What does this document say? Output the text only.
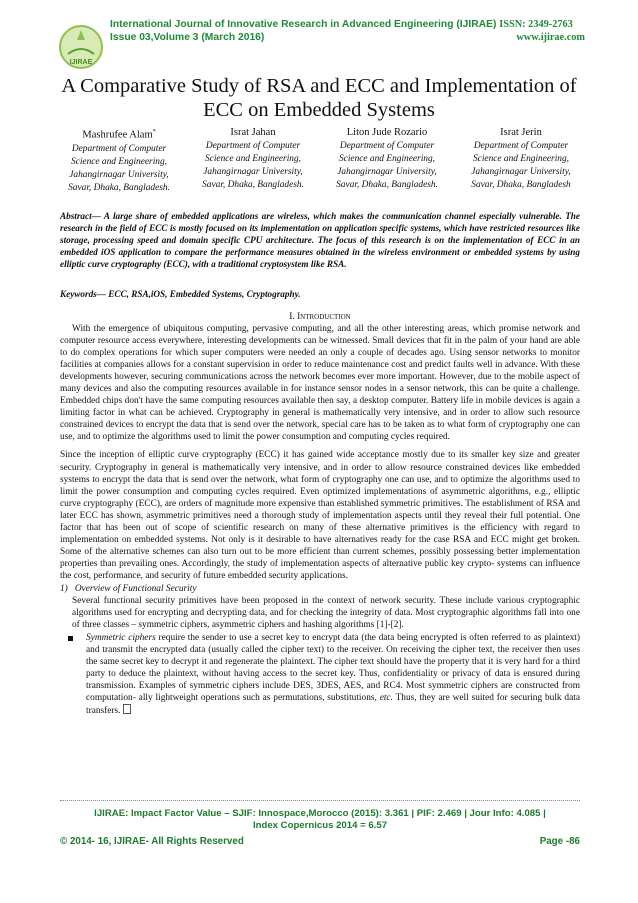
IJIRAE
International Journal of Innovative Research in Advanced Engineering (IJIRAE) ISSN: 2349-2763
Issue 03,Volume 3 (March 2016)	www.ijirae.com
A Comparative Study of RSA and ECC and Implementation of ECC on Embedded Systems
Mashrufee Alam*
Department of Computer
Science and Engineering,
Jahangirnagar University,
Savar, Dhaka, Bangladesh.
Israt Jahan
Department of Computer
Science and Engineering,
Jahangirnagar University,
Savar, Dhaka, Bangladesh.
Liton Jude Rozario
Department of Computer
Science and Engineering,
Jahangirnagar University,
Savar, Dhaka, Bangladesh.
Israt Jerin
Department of Computer
Science and Engineering,
Jahangirnagar University,
Savar, Dhaka, Bangladesh
Abstract— A large share of embedded applications are wireless, which makes the communication channel especially vulnerable. The research in the field of ECC is mostly focused on its implementation on application specific systems, which have restricted resources like storage, processing speed and domain specific CPU architecture. The focus of this research is on the implementation of ECC in an embedded iOS application to compare the performance measures obtained in the wireless environment or embedded systems by using elliptic curve cryptography (ECC), with a traditional cryptosystem like RSA.
Keywords— ECC, RSA,iOS, Embedded Systems, Cryptography.
I. Introduction

With the emergence of ubiquitous computing, pervasive computing, and all the other interesting areas, which promise network and computer resource access everywhere, interesting developments can be witnessed. Small devices that fit in the palm of your hand are able to do complex operations for which super computers were needed an only a couple of decades ago. Using sensor networks to monitor facilities at companies allows for a constant supervision in order to reduce maintenance cost and predict faults well in advance. With these developments however, securing communications across the network becomes ever more important. However, due to the mobile aspect of many devices and also the computing resources available in for instance sensor nodes in a sensor network, this can be quite a challenge. Embedded chips don't have the same computing resources available then say, a desktop computer. Battery life in mobile devices is again a limiting factor in what can be achieved. Cryptography in general is mathematically very intensive, and in order to allow such resource constrained devices to encrypt the data that is send over the network, special care has to be taken as to what form of cryptography one can use, and to optimize the algorithms used to limit the power consumption and computing cycles required.

Since the inception of elliptic curve cryptography (ECC) it has gained wide acceptance mostly due to its smaller key size and greater security. Cryptography in general is mathematically very intensive, and in order to allow resource constrained devices like embedded systems to encrypt the data that is send over the network, what form of cryptography one can use, and to optimize the algorithms used to limit the power consumption and computing cycles required. Even optimized implementations of asymmetric algorithms, e.g., elliptic curve cryptography (ECC), are orders of magnitude more expensive than established symmetric primitives. The establishment of RSA and later ECC has shown, asymmetric primitives need a thorough study of implementation aspects until they reveal their full potential. One factor that has been out of scope of scientific research on many of these alternative primitives is the efficiency with regard to implementation on embedded systems. Not only is it desirable to have alternatives ready for the case RSA and ECC might get broken. Some of the alternative schemes can also turn out to be more efficient than current schemes, possibly possessing better implementation properties than prevailing ones. Accordingly, the study of implementation aspects of alternative public key crypto- systems can influence the cost, performance, and security of future embedded security applications.

1) Overview of Functional Security

Several functional security primitives have been proposed in the context of network security. These include various cryptographic algorithms used for encrypting and decrypting data, and for checking the integrity of data. Most cryptographic algorithms fall into one of three classes – symmetric ciphers, asymmetric ciphers and hashing algorithms [1]-[2].

Symmetric ciphers require the sender to use a secret key to encrypt data (the data being encrypted is often referred to as plaintext) and transmit the encrypted data (usually called the cipher text) to the receiver. On receiving the cipher text, the receiver then uses the same secret key to decrypt it and regenerate the plaintext. The cipher text should have the property that it is very hard for a third party to deduce the plaintext, without having access to the secret key. Thus, confidentiality or privacy of data is ensured during transmission. Examples of symmetric ciphers include DES, 3DES, AES, and RC4. Most symmetric ciphers are constructed from computation- ally lightweight operations such as permutations, substitutions, etc. Thus, they are well suited for securing bulk data transfers.
IJIRAE: Impact Factor Value – SJIF: Innospace,Morocco (2015): 3.361 | PIF: 2.469 | Jour Info: 4.085 |
Index Copernicus 2014 = 6.57
© 2014- 16, IJIRAE- All Rights Reserved	Page -86
